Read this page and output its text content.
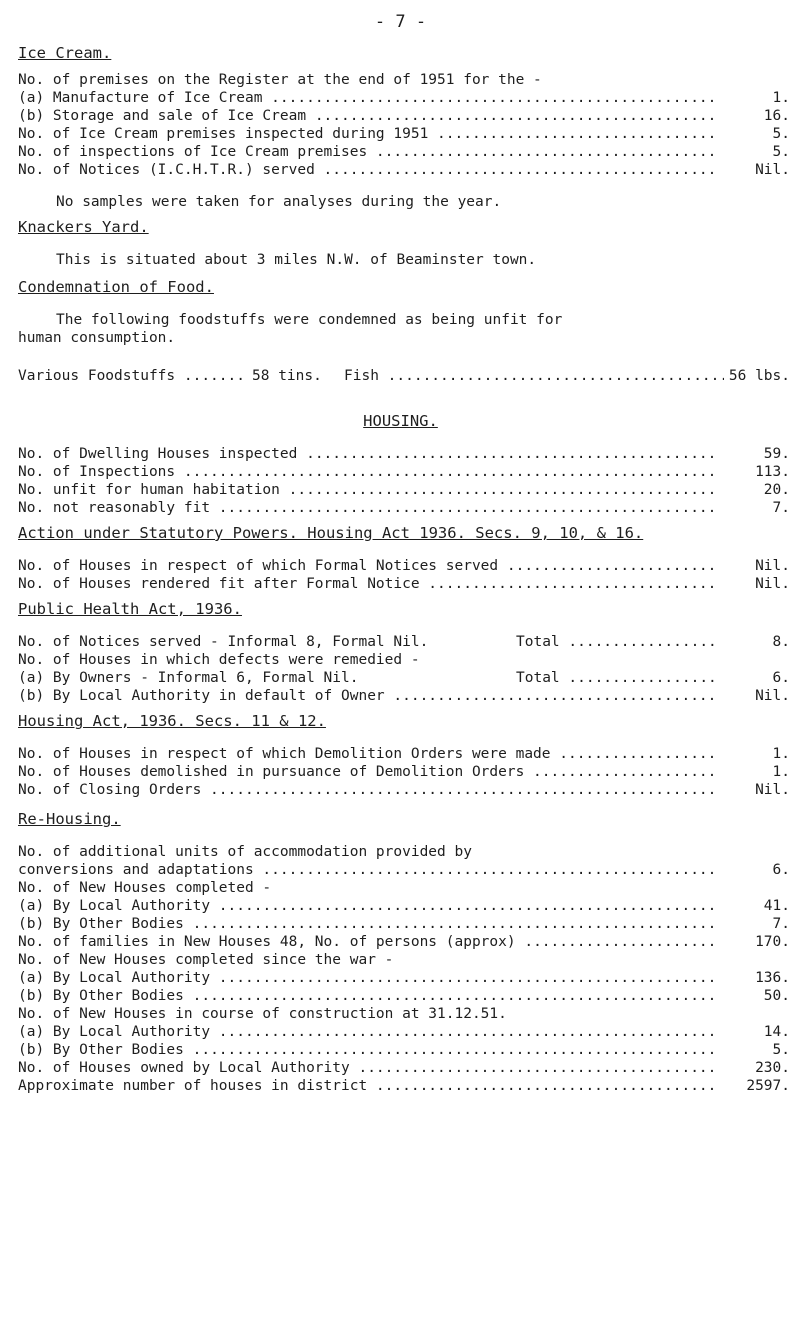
- 7 -
Ice Cream.
No. of premises on the Register at the end of 1951 for the -
(a) Manufacture of Ice Cream .....	1.
(b) Storage and sale of Ice Cream .....	16.
No. of Ice Cream premises inspected during 1951 .....	5.
No. of inspections of Ice Cream premises .....	5.
No. of Notices (I.C.H.T.R.) served .....	Nil.
No samples were taken for analyses during the year.
Knackers Yard.
This is situated about 3 miles N.W. of Beaminster town.
Condemnation of Food.
The following foodstuffs were condemned as being unfit for
human consumption.
Various Foodstuffs .....	58 tins. Fish .....	56 lbs.
HOUSING.
No. of Dwelling Houses inspected .....	59.
No. of Inspections .....	113.
No. unfit for human habitation .....	20.
No. not reasonably fit .....	7.
Action under Statutory Powers. Housing Act 1936. Secs. 9, 10, & 16.
No. of Houses in respect of which Formal Notices served .....	Nil.
No. of Houses rendered fit after Formal Notice .....	Nil.
Public Health Act, 1936.
No. of Notices served - Informal 8, Formal Nil.	Total .....	8.
No. of Houses in which defects were remedied -
(a) By Owners - Informal 6, Formal Nil.	Total .....	6.
(b) By Local Authority in default of Owner .....	Nil.
Housing Act, 1936. Secs. 11 & 12.
No. of Houses in respect of which Demolition Orders were made .....	1.
No. of Houses demolished in pursuance of Demolition Orders .....	1.
No. of Closing Orders .....	Nil.
Re-Housing.
No. of additional units of accommodation provided by
conversions and adaptations .....	6.
No. of New Houses completed -
(a) By Local Authority .....	41.
(b) By Other Bodies .....	7.
No. of families in New Houses 48, No. of persons (approx) .....	170.
No. of New Houses completed since the war -
(a) By Local Authority .....	136.
(b) By Other Bodies .....	50.
No. of New Houses in course of construction at 31.12.51.
(a) By Local Authority .....	14.
(b) By Other Bodies .....	5.
No. of Houses owned by Local Authority .....	230.
Approximate number of houses in district .....	2597.
